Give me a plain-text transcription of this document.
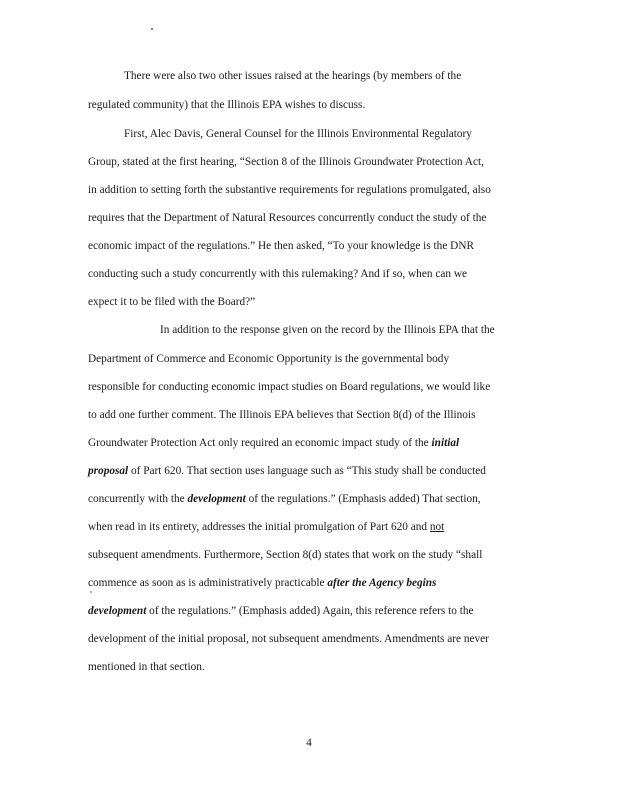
There were also two other issues raised at the hearings (by members of the
regulated community) that the Illinois EPA wishes to discuss.
First, Alec Davis, General Counsel for the Illinois Environmental Regulatory
Group, stated at the first hearing, “Section 8 of the Illinois Groundwater Protection Act,
in addition to setting forth the substantive requirements for regulations promulgated, also
requires that the Department of Natural Resources concurrently conduct the study of the
economic impact of the regulations.” He then asked, “To your knowledge is the DNR
conducting such a study concurrently with this rulemaking? And if so, when can we
expect it to be filed with the Board?”
In addition to the response given on the record by the Illinois EPA that the
Department of Commerce and Economic Opportunity is the governmental body
responsible for conducting economic impact studies on Board regulations, we would like
to add one further comment. The Illinois EPA believes that Section 8(d) of the Illinois
Groundwater Protection Act only required an economic impact study of the initial
proposal of Part 620. That section uses language such as “This study shall be conducted
concurrently with the development of the regulations.” (Emphasis added) That section,
when read in its entirety, addresses the initial promulgation of Part 620 and not
subsequent amendments. Furthermore, Section 8(d) states that work on the study “shall
commence as soon as is administratively practicable after the Agency begins
development of the regulations.” (Emphasis added) Again, this reference refers to the
development of the initial proposal, not subsequent amendments. Amendments are never
mentioned in that section.
4
